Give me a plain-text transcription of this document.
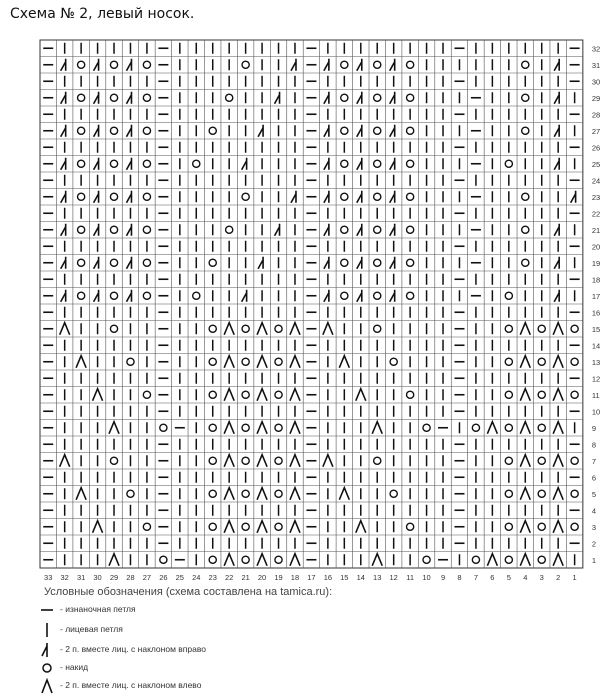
Схема № 2, левый носок.
32
31
30
29
28
27
26
25
24
23
22
21
20
19
18
17
16
15
14
13
12
11
10
9
8
7
6
5
4
3
2
1
33 32 31 30 29 28 27 26 25 24 23 22 21 20 19 18 17 16 15 14 13 12 11 10 9 8 7 6 5 4 3 2 1
Условные обозначения (схема составлена на tamica.ru):
- изнаночная петля
- лицевая петля
- 2 п. вместе лиц. с наклоном вправо
- накид
- 2 п. вместе лиц. с наклоном влево
